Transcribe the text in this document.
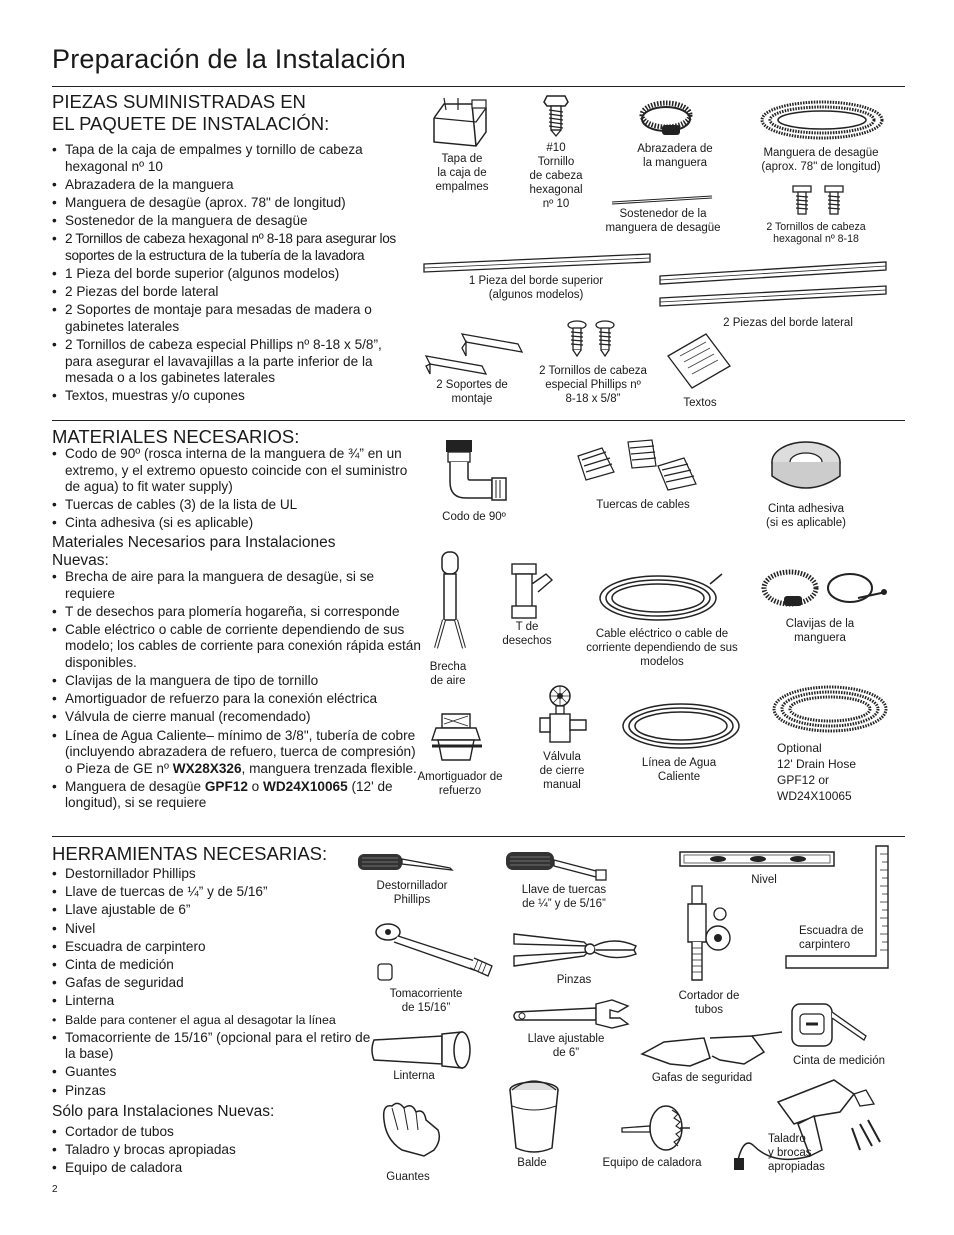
Preparación de la Instalación
PIEZAS SUMINISTRADAS EN
EL PAQUETE DE INSTALACIÓN:
• Tapa de la caja de empalmes y tornillo de cabeza hexagonal nº 10
• Abrazadera de la manguera
• Manguera de desagüe (aprox. 78" de longitud)
• Sostenedor de la manguera de desagüe
• 2 Tornillos de cabeza hexagonal nº 8-18 para asegurar los soportes de la estructura de la tubería de la lavadora
• 1 Pieza del borde superior (algunos modelos)
• 2 Piezas del borde lateral
• 2 Soportes de montaje para mesadas de madera o gabinetes laterales
• 2 Tornillos de cabeza especial Phillips nº 8-18 x 5/8”, para asegurar el lavavajillas a la parte inferior de la mesada o a los gabinetes laterales
• Textos, muestras y/o cupones
Tapa de
la caja de
empalmes
#10
Tornillo
de cabeza
hexagonal
nº 10
Abrazadera de
la manguera
Manguera de desagüe
(aprox. 78" de longitud)
Sostenedor de la
manguera de desagüe	2 Tornillos de cabeza
hexagonal nº 8-18
1 Pieza del borde superior
(algunos modelos)
2 Piezas del borde lateral
2 Soportes de
montaje
2 Tornillos de cabeza
especial Phillips nº
8-18 x 5/8”	Textos
MATERIALES NECESARIOS:
• Codo de 90º (rosca interna de la manguera de ¾” en un extremo, y el extremo opuesto coincide con el suministro de agua) to fit water supply)
• Tuercas de cables (3) de la lista de UL
• Cinta adhesiva (si es aplicable)
Materiales Necesarios para Instalaciones
Nuevas:
• Brecha de aire para la manguera de desagüe, si se requiere
• T de desechos para plomería hogareña, si corresponde
• Cable eléctrico o cable de corriente dependiendo de sus modelo; los cables de corriente para conexión rápida están disponibles.
• Clavijas de la manguera de tipo de tornillo
• Amortiguador de refuerzo para la conexión eléctrica
• Válvula de cierre manual (recomendado)
• Línea de Agua Caliente– mínimo de 3/8", tubería de cobre (incluyendo abrazadera de refuero, tuerca de compresión) o Pieza de GE nº WX28X326, manguera trenzada flexible.
• Manguera de desagüe GPF12 o WD24X10065 (12' de longitud), si se requiere
Codo de 90º
Tuercas de cables	Cinta adhesiva
(si es aplicable)
Brecha
de aire
T de
desechos
Cable eléctrico o cable de
corriente dependiendo de sus
modelos
Clavijas de la
manguera
Amortiguador de
refuerzo
Válvula
de cierre
manual
Línea de Agua
Caliente
Optional
12' Drain Hose
GPF12 or
WD24X10065
HERRAMIENTAS NECESARIAS:
• Destornillador Phillips
• Llave de tuercas de ¼” y de 5/16”
• Llave ajustable de 6”
• Nivel
• Escuadra de carpintero
• Cinta de medición
• Gafas de seguridad
• Linterna
• Balde para contener el agua al desagotar la línea
• Tomacorriente de 15/16” (opcional para el retiro de la base)
• Guantes
• Pinzas
Sólo para Instalaciones Nuevas:
• Cortador de tubos
• Taladro y brocas apropiadas
• Equipo de caladora
Destornillador
Phillips
Llave de tuercas
de ¼” y de 5/16”
Nivel
Escuadra de
carpintero
Tomacorriente
de 15/16”
Pinzas
Cortador de
tubos
Llave ajustable
de 6”
Cinta de medición
Linterna	Gafas de seguridad
Balde
Guantes
Equipo de caladora
Taladro
y brocas
apropiadas
2
